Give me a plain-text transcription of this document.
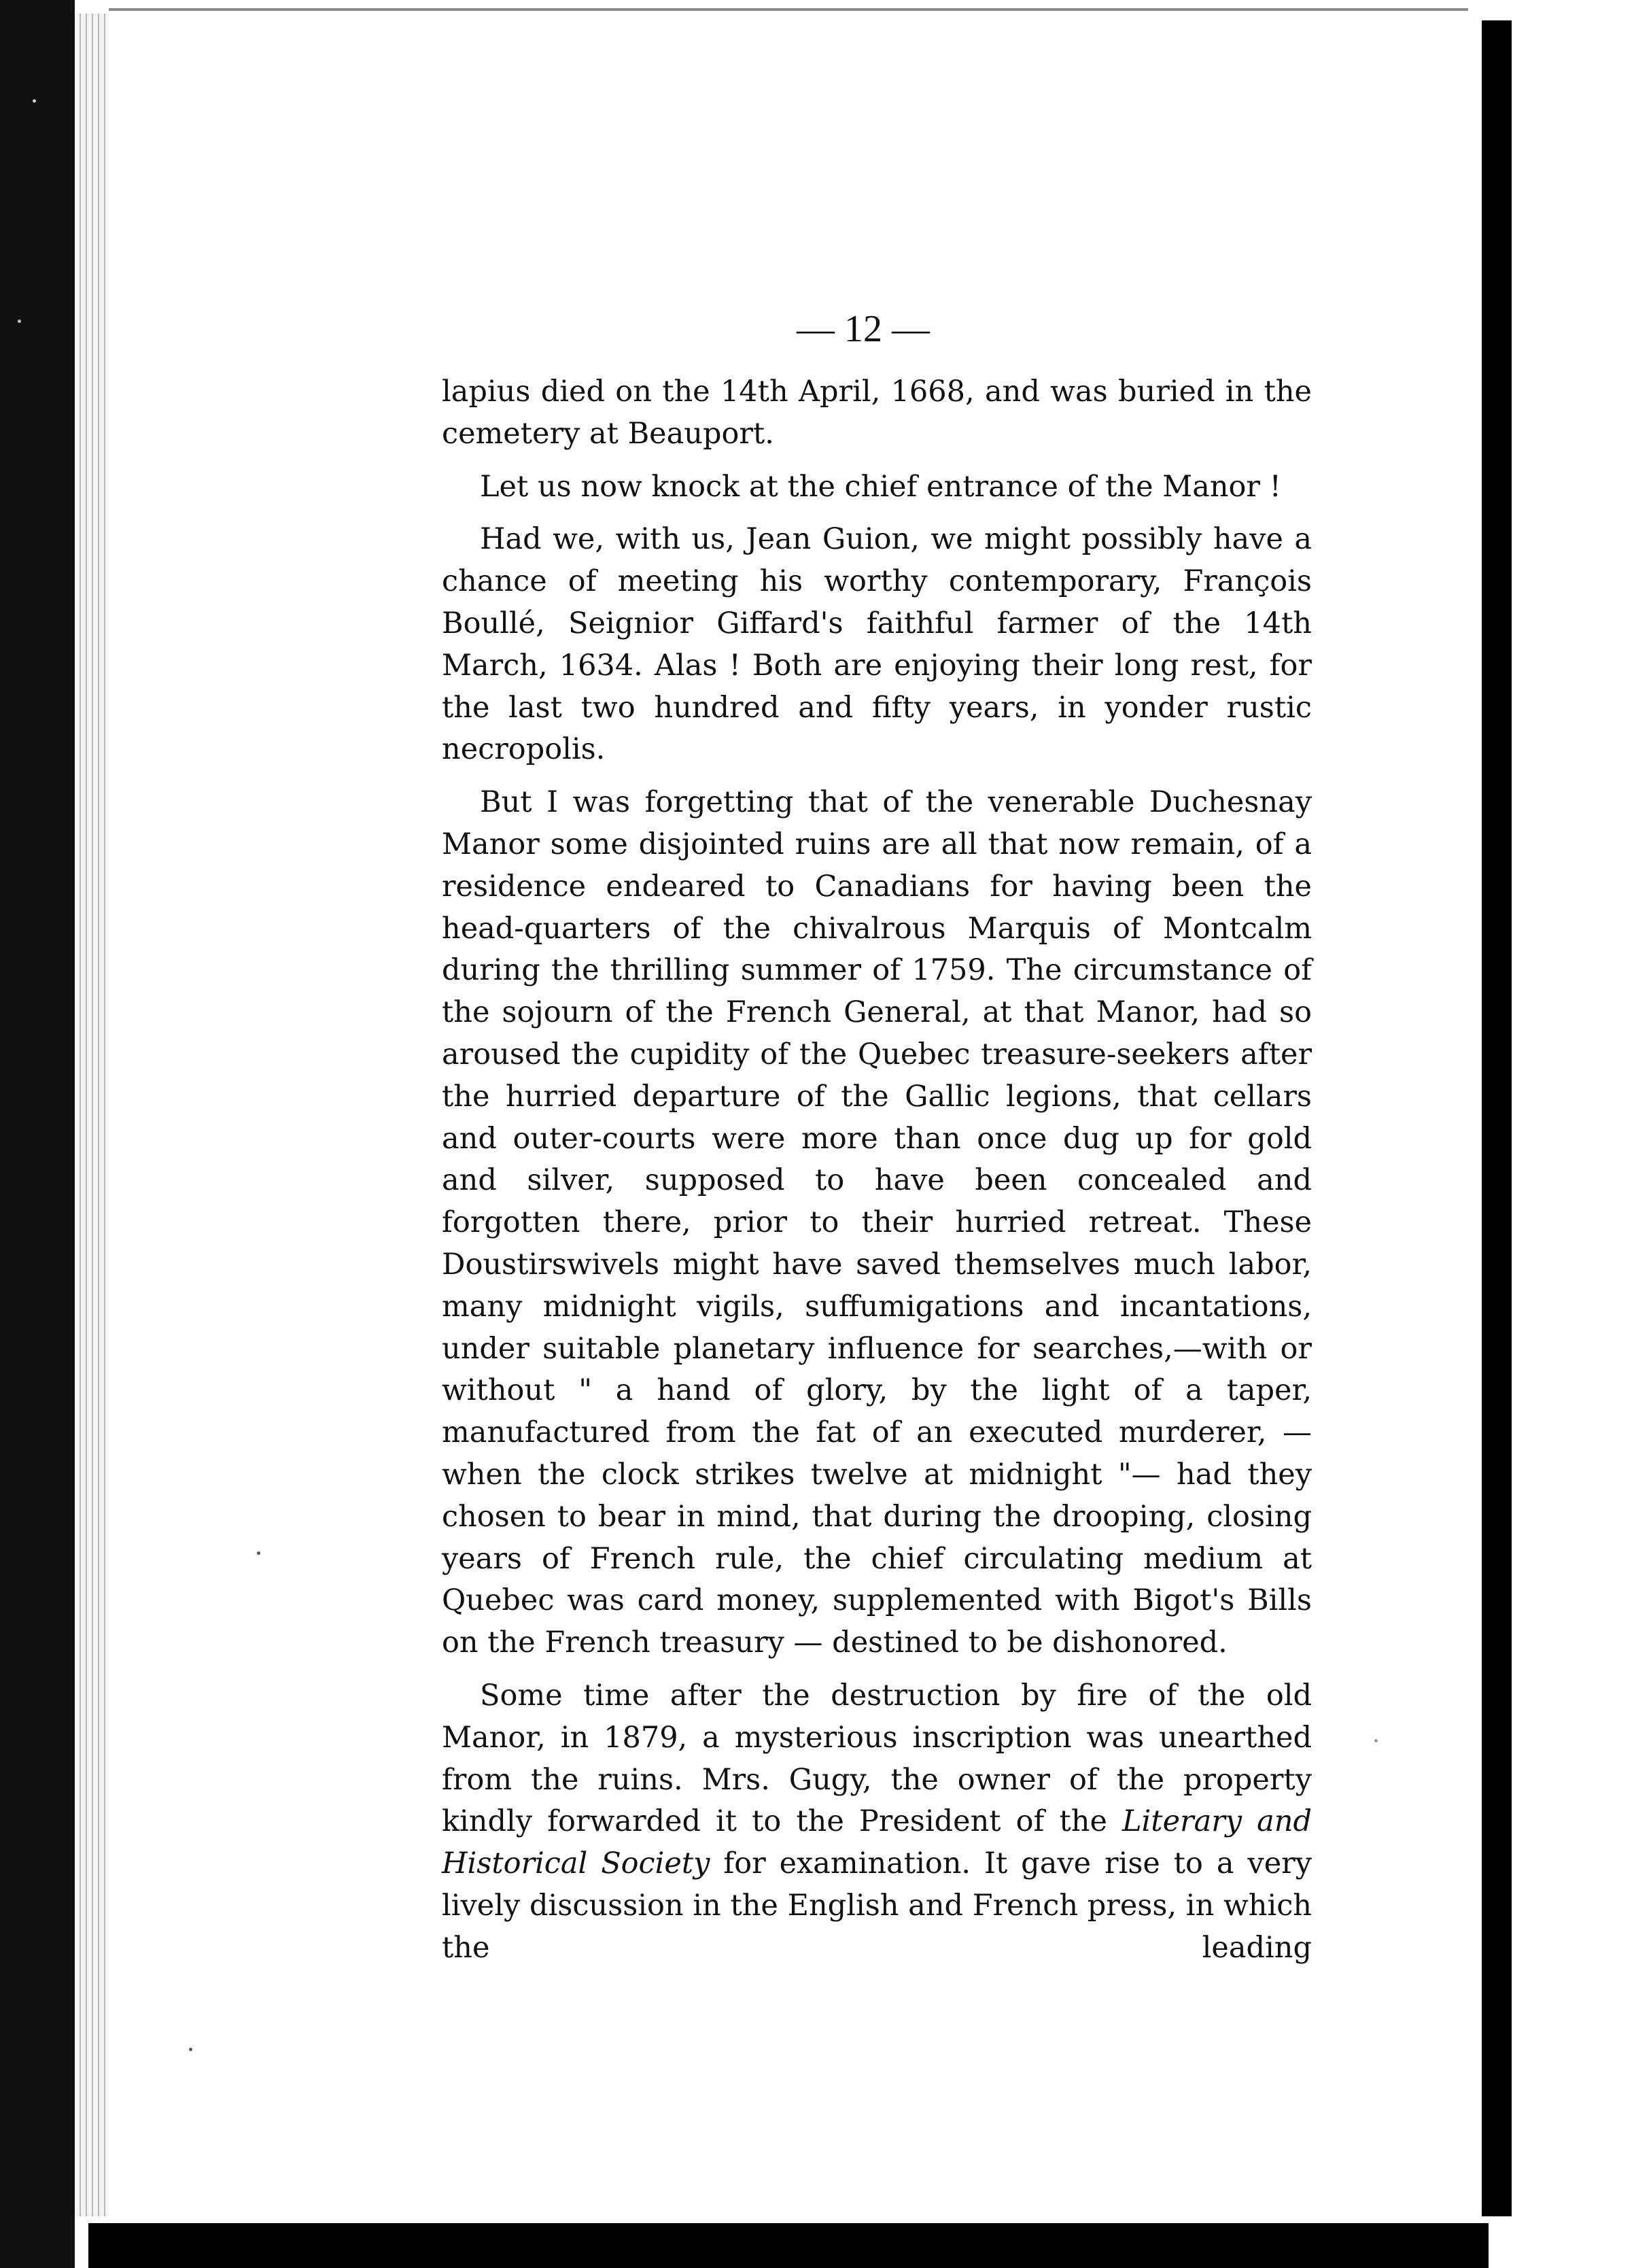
— 12 —

lapius died on the 14th April, 1668, and was buried in the cemetery at Beauport.

Let us now knock at the chief entrance of the Manor !

Had we, with us, Jean Guion, we might possibly have a chance of meeting his worthy contemporary, François Boullé, Seignior Giffard's faithful farmer of the 14th March, 1634. Alas ! Both are enjoying their long rest, for the last two hundred and fifty years, in yonder rustic necropolis.

But I was forgetting that of the venerable Duchesnay Manor some disjointed ruins are all that now remain, of a residence endeared to Canadians for having been the head-quarters of the chivalrous Marquis of Montcalm during the thrilling summer of 1759. The circumstance of the sojourn of the French General, at that Manor, had so aroused the cupidity of the Quebec treasure-seekers after the hurried departure of the Gallic legions, that cellars and outer-courts were more than once dug up for gold and silver, supposed to have been concealed and forgotten there, prior to their hurried retreat. These Doustirswivels might have saved themselves much labor, many midnight vigils, suffumigations and incantations, under suitable planetary influence for searches,—with or without " a hand of glory, by the light of a taper, manufactured from the fat of an executed murderer, — when the clock strikes twelve at midnight "— had they chosen to bear in mind, that during the drooping, closing years of French rule, the chief circulating medium at Quebec was card money, supplemented with Bigot's Bills on the French treasury — destined to be dishonored.

Some time after the destruction by fire of the old Manor, in 1879, a mysterious inscription was unearthed from the ruins. Mrs. Gugy, the owner of the property kindly forwarded it to the President of the Literary and Historical Society for examination. It gave rise to a very lively discussion in the English and French press, in which the leading
